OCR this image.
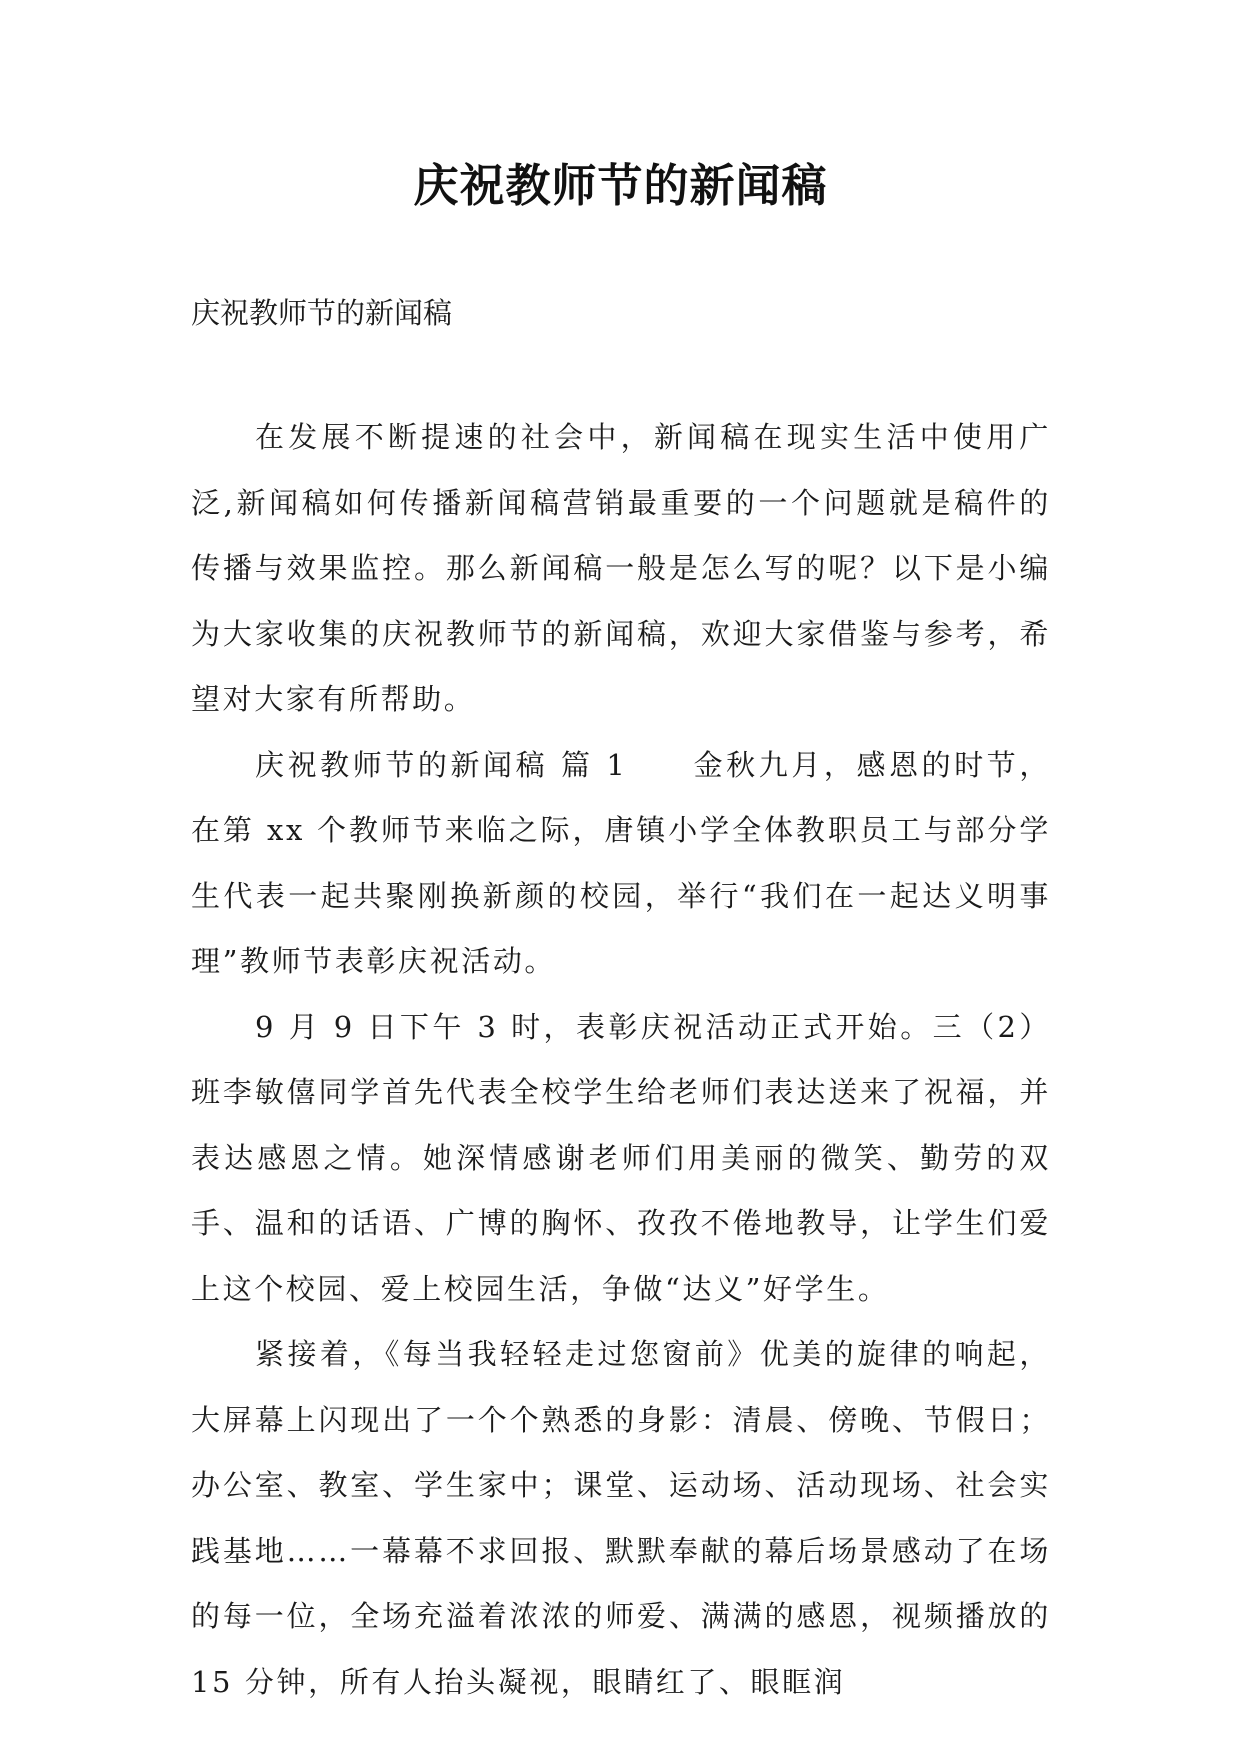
庆祝教师节的新闻稿

庆祝教师节的新闻稿

在发展不断提速的社会中，新闻稿在现实生活中使用广泛,新闻稿如何传播新闻稿营销最重要的一个问题就是稿件的传播与效果监控。那么新闻稿一般是怎么写的呢？以下是小编为大家收集的庆祝教师节的新闻稿，欢迎大家借鉴与参考，希望对大家有所帮助。

庆祝教师节的新闻稿 篇 1　　金秋九月，感恩的时节，在第 xx 个教师节来临之际，唐镇小学全体教职员工与部分学生代表一起共聚刚换新颜的校园，举行“我们在一起达义明事理”教师节表彰庆祝活动。

9 月 9 日下午 3 时，表彰庆祝活动正式开始。三（2）班李敏僖同学首先代表全校学生给老师们表达送来了祝福，并表达感恩之情。她深情感谢老师们用美丽的微笑、勤劳的双手、温和的话语、广博的胸怀、孜孜不倦地教导，让学生们爱上这个校园、爱上校园生活，争做“达义”好学生。

紧接着，《每当我轻轻走过您窗前》优美的旋律的响起，大屏幕上闪现出了一个个熟悉的身影：清晨、傍晚、节假日；办公室、教室、学生家中；课堂、运动场、活动现场、社会实践基地……一幕幕不求回报、默默奉献的幕后场景感动了在场的每一位，全场充溢着浓浓的师爱、满满的感恩，视频播放的 15 分钟，所有人抬头凝视，眼睛红了、眼眶润
